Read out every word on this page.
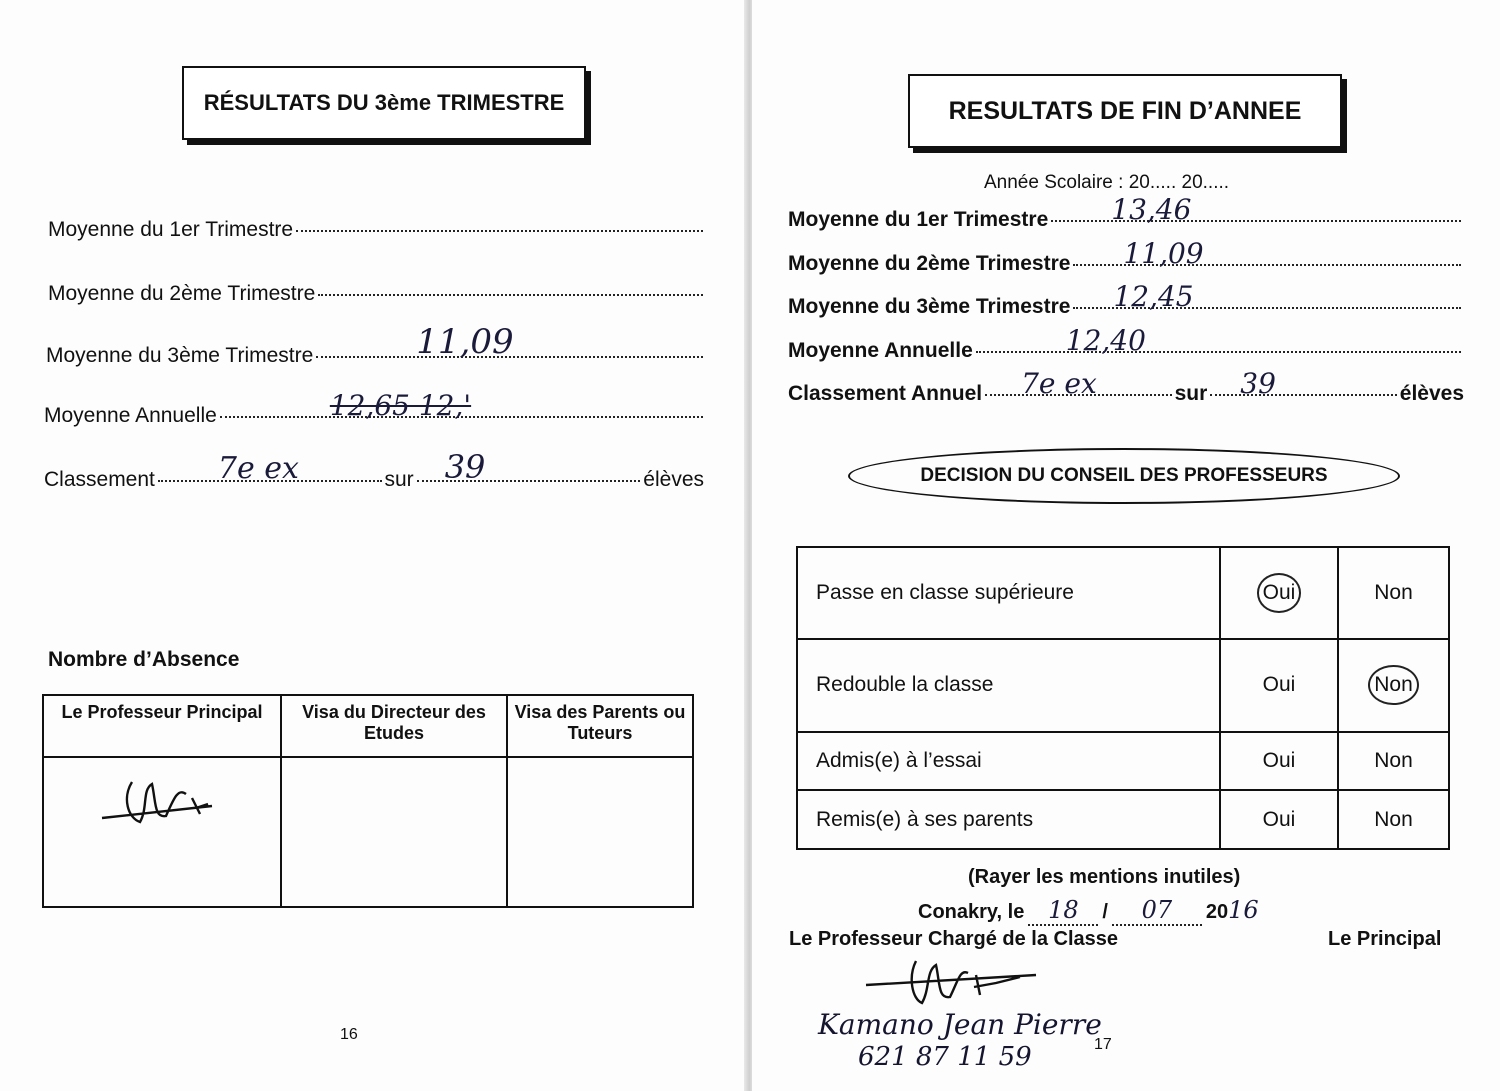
RÉSULTATS DU 3ème TRIMESTRE
Moyenne du 1er Trimestre
Moyenne du 2ème Trimestre
Moyenne du 3ème Trimestre	11,09
Moyenne Annuelle	12,65 12,'
Classement 7e ex	sur 39	élèves
Nombre d’Absence
Le Professeur Principal	Visa du Directeur des Etudes	Visa des Parents ou Tuteurs

16
RESULTATS DE FIN D’ANNEE
Année Scolaire : 20..... 20.....
Moyenne du 1er Trimestre 13,46
Moyenne du 2ème Trimestre 11,09
Moyenne du 3ème Trimestre 12,45
Moyenne Annuelle	12,40
Classement Annuel 7e ex	sur 39	élèves
DECISION DU CONSEIL DES PROFESSEURS
Passe en classe supérieure	Oui	Non
Redouble la classe	Oui	Non
Admis(e) à l’essai	Oui	Non
Remis(e) à ses parents	Oui	Non
(Rayer les mentions inutiles)
Conakry, le 18	/	07	20 16
Le Professeur Chargé de la Classe	Le Principal
Kamano Jean Pierre
621 87 11 59	17
